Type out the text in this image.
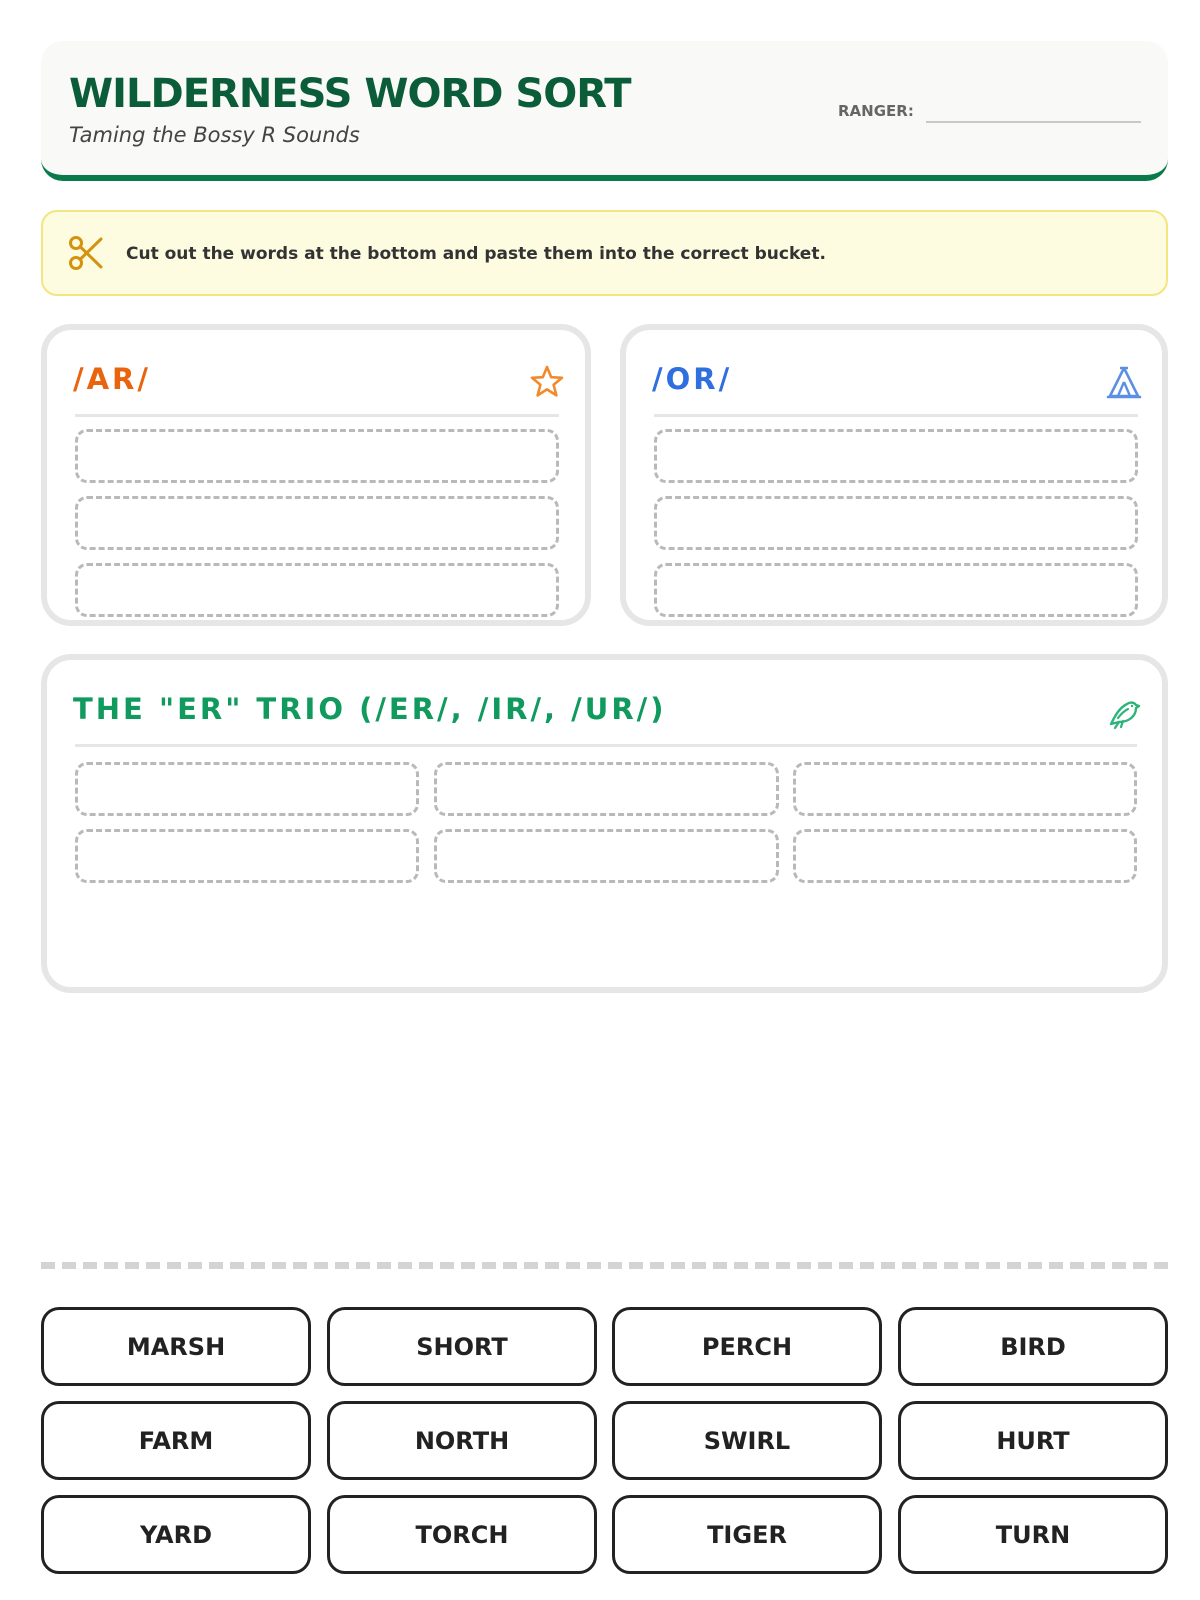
WILDERNESS WORD SORT
Taming the Bossy R Sounds
RANGER:
Cut out the words at the bottom and paste them into the correct bucket.
/AR/	/OR/
THE "ER" TRIO (/ER/, /IR/, /UR/)
MARSH	SHORT	PERCH	BIRD
FARM	NORTH	SWIRL	HURT
YARD	TORCH	TIGER	TURN
